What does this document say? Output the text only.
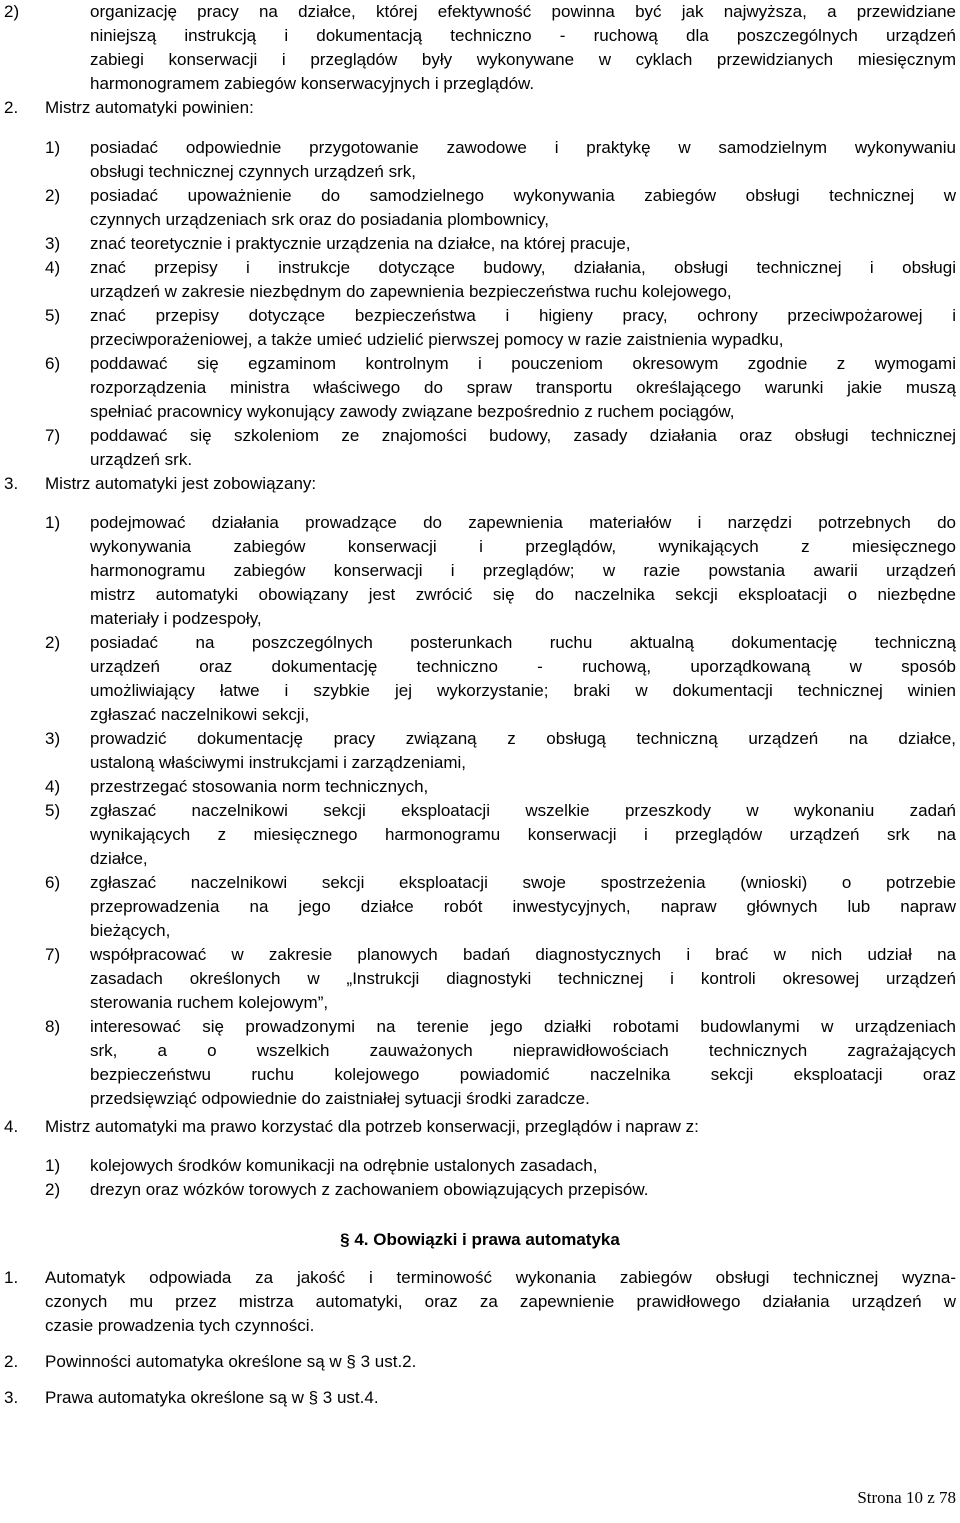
2)	organizację pracy na działce, której efektywność powinna być jak najwyższa, a przewidziane
niniejszą instrukcją i dokumentacją techniczno - ruchową dla poszczególnych urządzeń
zabiegi konserwacji i przeglądów były wykonywane w cyklach przewidzianych miesięcznym
harmonogramem zabiegów konserwacyjnych i przeglądów.
2. Mistrz automatyki powinien:
1) posiadać odpowiednie przygotowanie zawodowe i praktykę w samodzielnym wykonywaniu
obsługi technicznej czynnych urządzeń srk,
2) posiadać upoważnienie do samodzielnego wykonywania zabiegów obsługi technicznej w
czynnych urządzeniach srk oraz do posiadania plombownicy,
3) znać teoretycznie i praktycznie urządzenia na działce, na której pracuje,
4) znać przepisy i instrukcje dotyczące budowy, działania, obsługi technicznej i obsługi
urządzeń w zakresie niezbędnym do zapewnienia bezpieczeństwa ruchu kolejowego,
5) znać przepisy dotyczące bezpieczeństwa i higieny pracy, ochrony przeciwpożarowej i
przeciwporażeniowej, a także umieć udzielić pierwszej pomocy w razie zaistnienia wypadku,
6) poddawać się egzaminom kontrolnym i pouczeniom okresowym zgodnie z wymogami
rozporządzenia ministra właściwego do spraw transportu określającego warunki jakie muszą
spełniać pracownicy wykonujący zawody związane bezpośrednio z ruchem pociągów,
7) poddawać się szkoleniom ze znajomości budowy, zasady działania oraz obsługi technicznej
urządzeń srk.
3. Mistrz automatyki jest zobowiązany:
1) podejmować działania prowadzące do zapewnienia materiałów i narzędzi potrzebnych do
wykonywania zabiegów konserwacji i przeglądów, wynikających z miesięcznego
harmonogramu zabiegów konserwacji i przeglądów; w razie powstania awarii urządzeń
mistrz automatyki obowiązany jest zwrócić się do naczelnika sekcji eksploatacji o niezbędne
materiały i podzespoły,
2) posiadać na poszczególnych posterunkach ruchu aktualną dokumentację techniczną
urządzeń oraz dokumentację techniczno - ruchową, uporządkowaną w sposób
umożliwiający łatwe i szybkie jej wykorzystanie; braki w dokumentacji technicznej winien
zgłaszać naczelnikowi sekcji,
3) prowadzić dokumentację pracy związaną z obsługą techniczną urządzeń na działce,
ustaloną właściwymi instrukcjami i zarządzeniami,
4) przestrzegać stosowania norm technicznych,
5) zgłaszać naczelnikowi sekcji eksploatacji wszelkie przeszkody w wykonaniu zadań
wynikających z miesięcznego harmonogramu konserwacji i przeglądów urządzeń srk na
działce,
6) zgłaszać naczelnikowi sekcji eksploatacji swoje spostrzeżenia (wnioski) o potrzebie
przeprowadzenia na jego działce robót inwestycyjnych, napraw głównych lub napraw
bieżących,
7) współpracować w zakresie planowych badań diagnostycznych i brać w nich udział na
zasadach określonych w „Instrukcji diagnostyki technicznej i kontroli okresowej urządzeń
sterowania ruchem kolejowym”,
8) interesować się prowadzonymi na terenie jego działki robotami budowlanymi w urządzeniach
srk, a o wszelkich zauważonych nieprawidłowościach technicznych zagrażających
bezpieczeństwu ruchu kolejowego powiadomić naczelnika sekcji eksploatacji oraz
przedsięwziąć odpowiednie do zaistniałej sytuacji środki zaradcze.
4. Mistrz automatyki ma prawo korzystać dla potrzeb konserwacji, przeglądów i napraw z:
1) kolejowych środków komunikacji na odrębnie ustalonych zasadach,
2) drezyn oraz wózków torowych z zachowaniem obowiązujących przepisów.
§ 4. Obowiązki i prawa automatyka
1. Automatyk odpowiada za jakość i terminowość wykonania zabiegów obsługi technicznej wyzna-
czonych mu przez mistrza automatyki, oraz za zapewnienie prawidłowego działania urządzeń w
czasie prowadzenia tych czynności.
2. Powinności automatyka określone są w § 3 ust.2.
3. Prawa automatyka określone są w § 3 ust.4.
Strona 10 z 78
